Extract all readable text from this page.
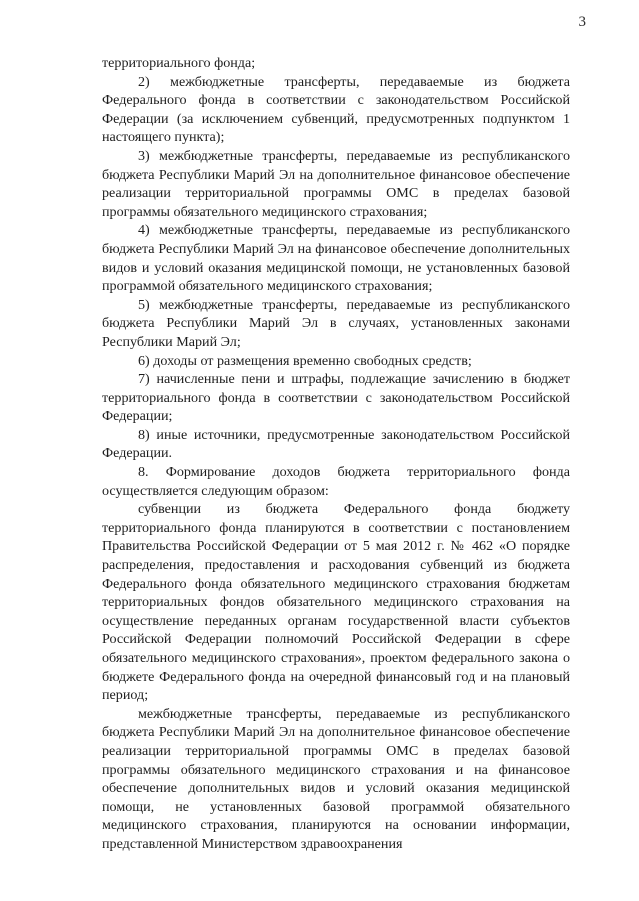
3

территориального фонда;

2) межбюджетные трансферты, передаваемые из бюджета Федерального фонда в соответствии с законодательством Российской Федерации (за исключением субвенций, предусмотренных подпунктом 1 настоящего пункта);

3) межбюджетные трансферты, передаваемые из республиканского бюджета Республики Марий Эл на дополнительное финансовое обеспечение реализации территориальной программы ОМС в пределах базовой программы обязательного медицинского страхования;

4) межбюджетные трансферты, передаваемые из республиканского бюджета Республики Марий Эл на финансовое обеспечение дополнительных видов и условий оказания медицинской помощи, не установленных базовой программой обязательного медицинского страхования;

5) межбюджетные трансферты, передаваемые из республиканского бюджета Республики Марий Эл в случаях, установленных законами Республики Марий Эл;

6) доходы от размещения временно свободных средств;

7) начисленные пени и штрафы, подлежащие зачислению в бюджет территориального фонда в соответствии с законодательством Российской Федерации;

8) иные источники, предусмотренные законодательством Российской Федерации.

8. Формирование доходов бюджета территориального фонда осуществляется следующим образом:

субвенции из бюджета Федерального фонда бюджету территориального фонда планируются в соответствии с постановлением Правительства Российской Федерации от 5 мая 2012 г. № 462 «О порядке распределения, предоставления и расходования субвенций из бюджета Федерального фонда обязательного медицинского страхования бюджетам территориальных фондов обязательного медицинского страхования на осуществление переданных органам государственной власти субъектов Российской Федерации полномочий Российской Федерации в сфере обязательного медицинского страхования», проектом федерального закона о бюджете Федерального фонда на очередной финансовый год и на плановый период;

межбюджетные трансферты, передаваемые из республиканского бюджета Республики Марий Эл на дополнительное финансовое обеспечение реализации территориальной программы ОМС в пределах базовой программы обязательного медицинского страхования и на финансовое обеспечение дополнительных видов и условий оказания медицинской помощи, не установленных базовой программой обязательного медицинского страхования, планируются на основании информации, представленной Министерством здравоохранения
